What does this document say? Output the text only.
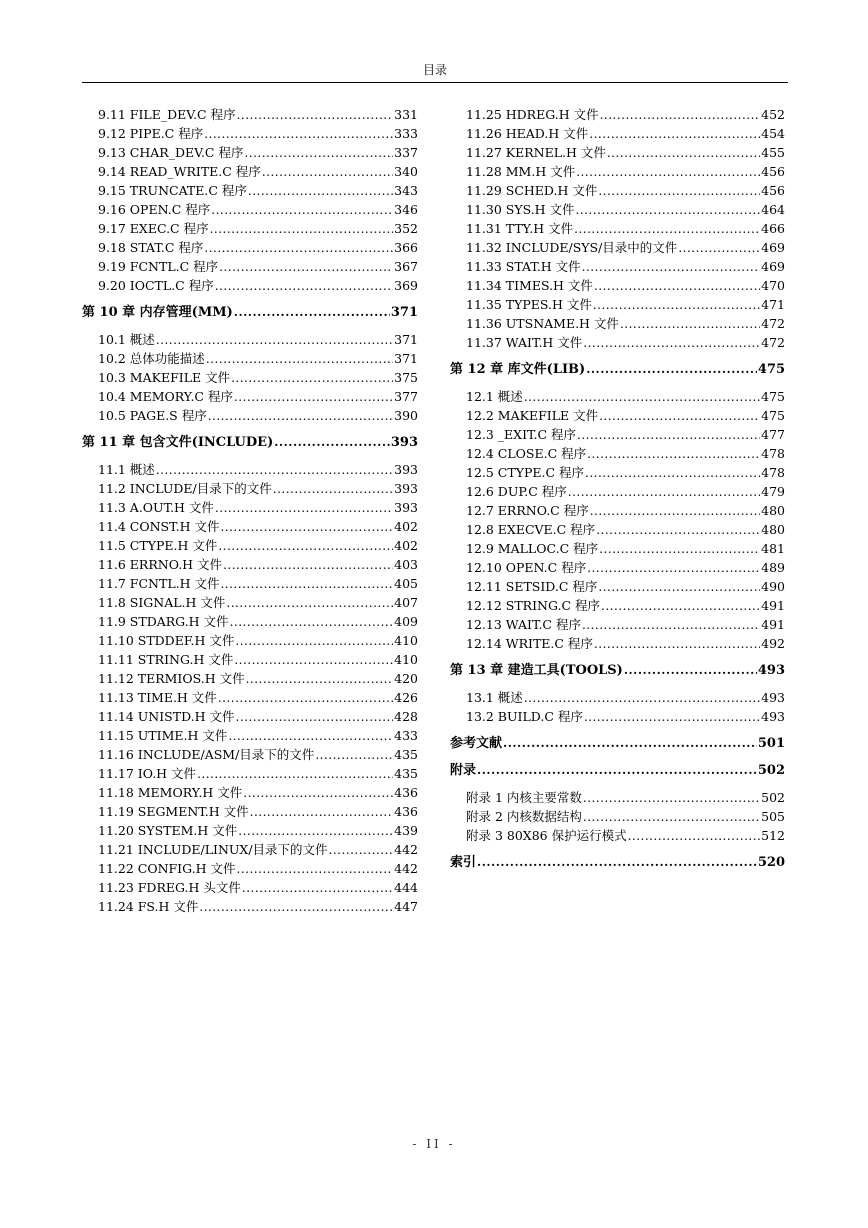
目录
9.11 FILE_DEV.C 程序 .....	331
9.12 PIPE.C 程序 .....	333
9.13 CHAR_DEV.C 程序 .....	337
9.14 READ_WRITE.C 程序 .....	340
9.15 TRUNCATE.C 程序 .....	343
9.16 OPEN.C 程序 .....	346
9.17 EXEC.C 程序 .....	352
9.18 STAT.C 程序 .....	366
9.19 FCNTL.C 程序 .....	367
9.20 IOCTL.C 程序 .....	369
第 10 章 内存管理(MM) .....	371
10.1 概述 .....	371
10.2 总体功能描述 .....	371
10.3 MAKEFILE 文件 .....	375
10.4 MEMORY.C 程序 .....	377
10.5 PAGE.S 程序 .....	390
第 11 章 包含文件(INCLUDE) .....	393
11.1 概述 .....	393
11.2 INCLUDE/目录下的文件 .....	393
11.3 A.OUT.H 文件 .....	393
11.4 CONST.H 文件 .....	402
11.5 CTYPE.H 文件 .....	402
11.6 ERRNO.H 文件 .....	403
11.7 FCNTL.H 文件 .....	405
11.8 SIGNAL.H 文件 .....	407
11.9 STDARG.H 文件 .....	409
11.10 STDDEF.H 文件 .....	410
11.11 STRING.H 文件 .....	410
11.12 TERMIOS.H 文件 .....	420
11.13 TIME.H 文件 .....	426
11.14 UNISTD.H 文件 .....	428
11.15 UTIME.H 文件 .....	433
11.16 INCLUDE/ASM/目录下的文件 .....	435
11.17 IO.H 文件 .....	435
11.18 MEMORY.H 文件 .....	436
11.19 SEGMENT.H 文件 .....	436
11.20 SYSTEM.H 文件 .....	439
11.21 INCLUDE/LINUX/目录下的文件 .....	442
11.22 CONFIG.H 文件 .....	442
11.23 FDREG.H 头文件 .....	444
11.24 FS.H 文件 .....	447
11.25 HDREG.H 文件 .....	452
11.26 HEAD.H 文件 .....	454
11.27 KERNEL.H 文件 .....	455
11.28 MM.H 文件 .....	456
11.29 SCHED.H 文件 .....	456
11.30 SYS.H 文件 .....	464
11.31 TTY.H 文件 .....	466
11.32 INCLUDE/SYS/目录中的文件 .....	469
11.33 STAT.H 文件 .....	469
11.34 TIMES.H 文件 .....	470
11.35 TYPES.H 文件 .....	471
11.36 UTSNAME.H 文件 .....	472
11.37 WAIT.H 文件 .....	472
第 12 章 库文件(LIB) .....	475
12.1 概述 .....	475
12.2 MAKEFILE 文件 .....	475
12.3 _EXIT.C 程序 .....	477
12.4 CLOSE.C 程序 .....	478
12.5 CTYPE.C 程序 .....	478
12.6 DUP.C 程序 .....	479
12.7 ERRNO.C 程序 .....	480
12.8 EXECVE.C 程序 .....	480
12.9 MALLOC.C 程序 .....	481
12.10 OPEN.C 程序 .....	489
12.11 SETSID.C 程序 .....	490
12.12 STRING.C 程序 .....	491
12.13 WAIT.C 程序 .....	491
12.14 WRITE.C 程序 .....	492
第 13 章 建造工具(TOOLS) .....	493
13.1 概述 .....	493
13.2 BUILD.C 程序 .....	493
参考文献 .....	501
附录 .....	502
附录 1 内核主要常数 .....	502
附录 2 内核数据结构 .....	505
附录 3 80X86 保护运行模式 .....	512
索引 .....	520
- II -
